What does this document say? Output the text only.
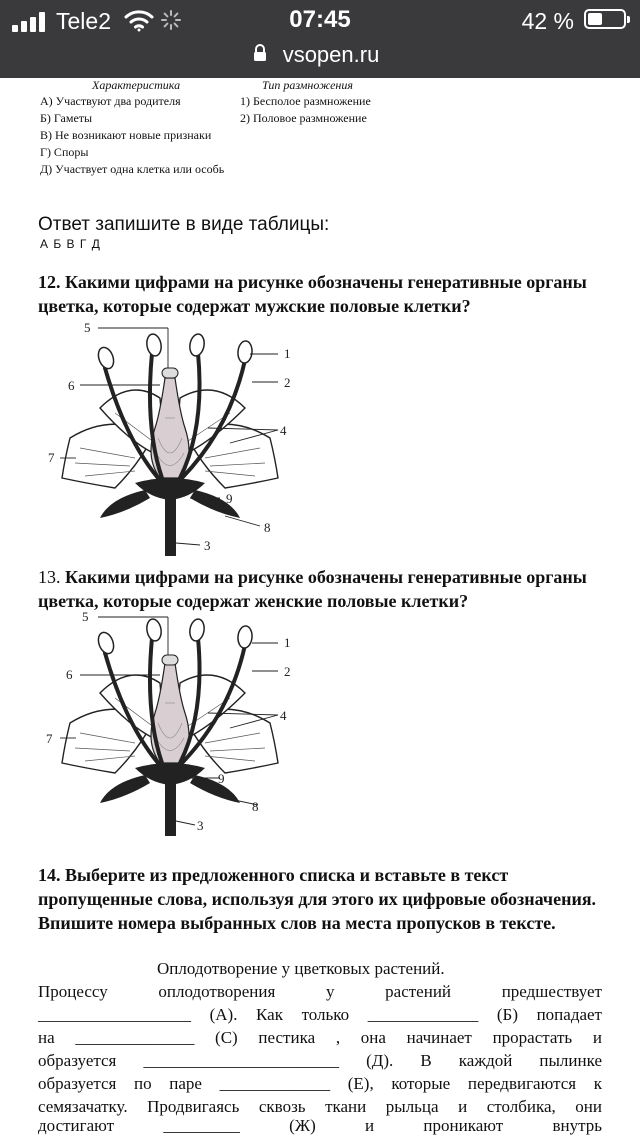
Tele2	07:45	42 %
vsopen.ru
Характеристика	Тип размножения
А) Участвуют два родителя
Б) Гаметы
В) Не возникают новые признаки
Г) Споры
Д) Участвует одна клетка или особь
1) Бесполое размножение
2) Половое размножение
Ответ запишите в виде таблицы:
А Б В Г Д
12. Какими цифрами на рисунке обозначены генеративные органы цветка, которые содержат мужские половые клетки?
5
6
1
2
4
7
9
8
3
13. Какими цифрами на рисунке обозначены генеративные органы цветка, которые содержат женские половые клетки?
5
6
1
2
4
7
9
8
3
14. Выберите из предложенного списка и вставьте в текст пропущенные слова, используя для этого их цифровые обозначения. Впишите номера выбранных слов на места пропусков в тексте.
Оплодотворение у цветковых растений.
Процессу оплодотворения у растений предшествует
__________________ (А). Как только _____________ (Б) попадает
на ______________ (С) пестика , она начинает прорастать и
образуется _______________________ (Д). В каждой пылинке
образуется по паре _____________ (Е), которые передвигаются к
семязачатку. Продвигаясь сквозь ткани рыльца и столбика, они
достигают _________ (Ж) и проникают внутрь
